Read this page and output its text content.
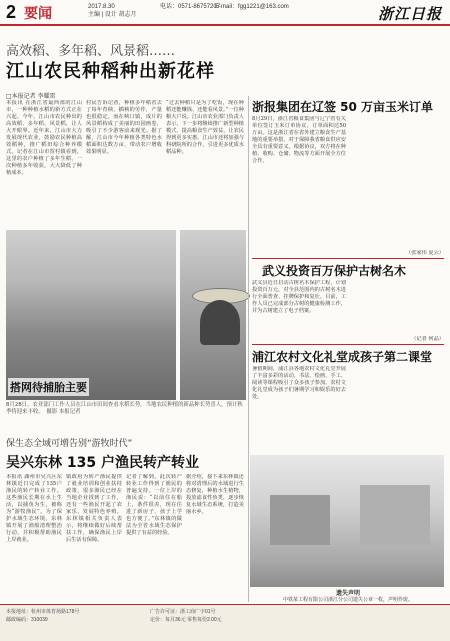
2 要闻	2017.8.30
主编 | 设计 胡志月
电话：0571-86757207
E-mail：fgg1221@163.com	浙江日报
高效稻、多年稻、风景稻……
江山农民种稻种出新花样
□本报记者 李耀雷
本报讯 在浙江省最西部的江山市，一种种植水稻的新方式正在兴起。今年，江山市农民种出的高效稻、多年稻、风景稻，让人大开眼界。近年来，江山市大力发展现代农业，鼓励农民种植高效稻种，推广稻田综合种养模式。记者在江山市贺村镇看到，这里的农户种植了多年生稻，一次种植多年收获，大大降低了种植成本。
村民告诉记者，种植多年稻省去了每年育秧、插秧的劳作，产量也很稳定。而在峡口镇，成片的风景稻构成了美丽的田园画卷，吸引了不少游客前来观光。据了解，江山市今年种植各类特色水稻面积达数万亩，带动农户增收效果明显。
“过去种稻只是为了吃饭，现在种稻还能赚钱、还能看风景。”一位种粮大户说。江山市农业部门负责人表示，下一步将继续推广新型种植模式，提高粮食生产效益，让农民得到更多实惠。江山市还将加强与科研院所的合作，引进更多优质水稻品种。
搭网待捕胎主要
8月28日，农业部门工作人员在江山市田间查看水稻长势。当地农民种植的新品种长势喜人，预计秋季将迎来丰收。　摄影 本报记者
浙报集团在辽签 50 万亩玉米订单
8月29日，浙江省粮食集团与辽宁省有关单位签订玉米订单协议，订单面积达50万亩。这是浙江省在省外建立粮食生产基地的重要举措，对于保障我省粮食供应安全具有重要意义。根据协议，双方将在种植、收购、仓储、物流等方面开展全方位合作。
（张家伟 夏云）
武义投资百万保护古树名木
武义县近日启动古树名木保护工程，计划投资百万元，对全县范围内的古树名木进行全面普查、挂牌保护和复壮。目前，工作人员已完成部分古树的健康检测工作，并为古树建立了电子档案。
（记者 何晶）
浦江农村文化礼堂成孩子第二课堂
暑假期间，浦江县各地农村文化礼堂开展了丰富多彩的活动，书法、绘画、手工、阅读等课程吸引了众多孩子参加。农村文化礼堂成为孩子们暑期学习和娱乐的好去处。
保生态全域可增告别“游牧时代”
吴兴东林 135 户渔民转产转业
本报讯 湖州市吴兴区东林镇近日完成了135户渔民的转产转业工作。这些渔民长期在水上生活，以捕鱼为生，被称为“游牧渔民”。为了保护水域生态环境，东林镇开展了渔船清理整治行动，并积极帮助渔民上岸就业。
镇政府为转产渔民提供了就业培训和创业扶持政策，很多渔民已经在当地企业找到了工作，还有一些渔民开起了农家乐、发展特色养殖。东林镇相关负责人表示，将继续做好后续帮扶工作，确保渔民上岸后生活有保障。
记者了解到，此次转产转业工作得到了渔民的普遍支持。一位上岸的渔民说：“以前住在船上，条件很差，现在住进了新房子，孩子上学也方便了。”东林镇的做法为全省水域生态保护提供了有益的经验。
据介绍，接下来东林镇还将对清理后的水域进行生态修复，种植水生植物，投放滤食性鱼类，逐步恢复水域生态系统，打造美丽水乡。
遗失声明
中铁某工程有限公司浙江分公司遗失公章一枚，声明作废。
本报地址：杭州市体育场路178号
邮政编码：310039
广告许可证：浙工商广字01号
定价：每月36元 零售每份2.00元
